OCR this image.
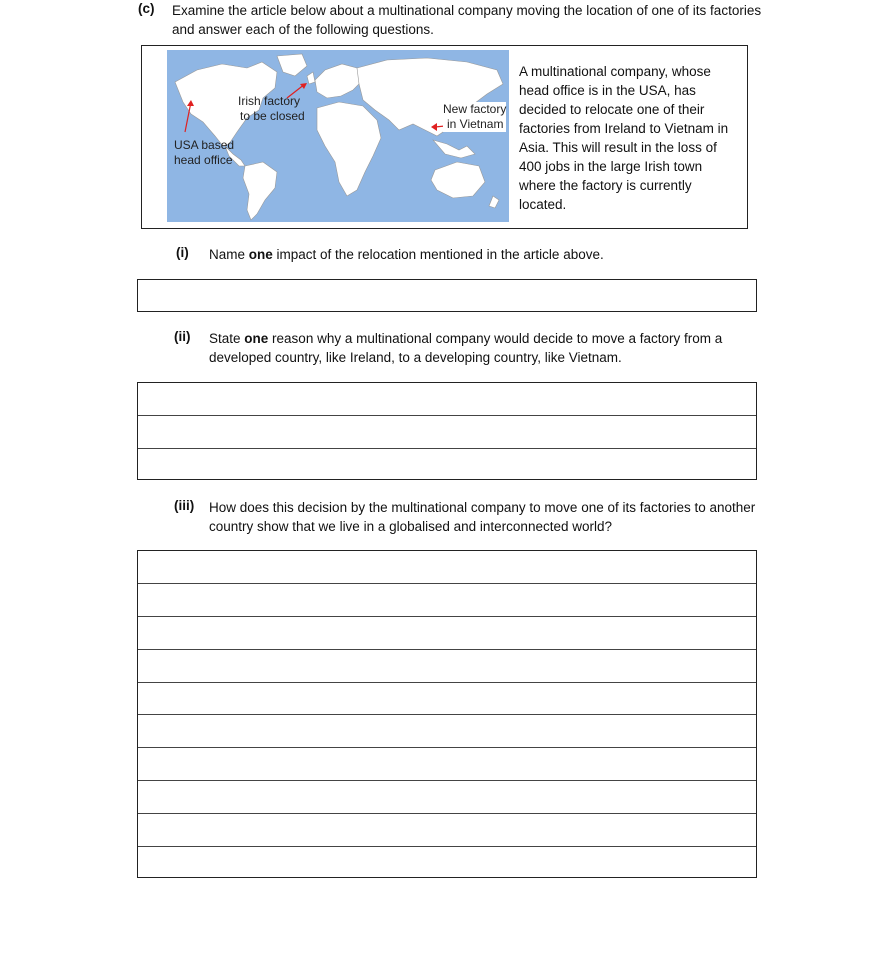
(c) Examine the article below about a multinational company moving the location of one of its factories and answer each of the following questions.
Irish factory
to be closed	New factory
in Vietnam
USA based
head office
A multinational company, whose head office is in the USA, has decided to relocate one of their factories from Ireland to Vietnam in Asia. This will result in the loss of 400 jobs in the large Irish town where the factory is currently located.
(i) Name one impact of the relocation mentioned in the article above.
(ii) State one reason why a multinational company would decide to move a factory from a developed country, like Ireland, to a developing country, like Vietnam.
(iii) How does this decision by the multinational company to move one of its factories to another country show that we live in a globalised and interconnected world?
